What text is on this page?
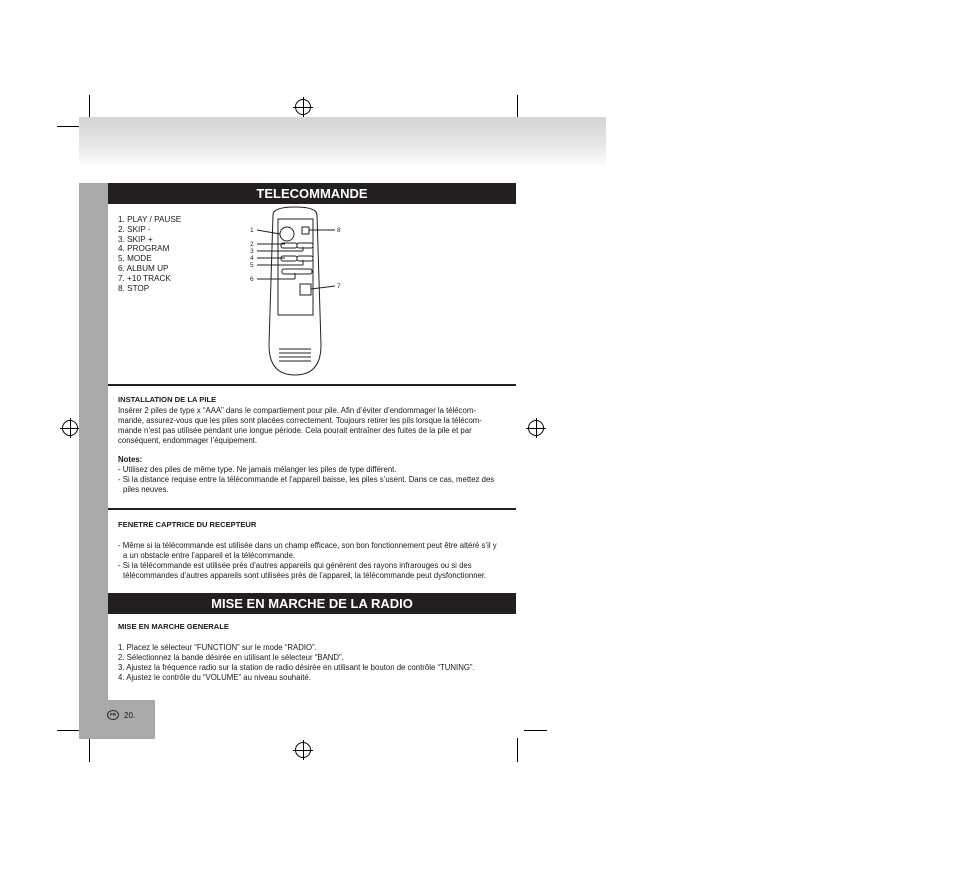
TELECOMMANDE
1. PLAY / PAUSE
2. SKIP -
3. SKIP +
4. PROGRAM
5. MODE
6. ALBUM UP
7. +10 TRACK
8. STOP
1
2
3
4
5
6
7
8
INSTALLATION DE LA PILE
Insérer 2 piles de type x “AAA” dans le compartiement pour pile. Afin d’éviter d’endommager la télécom-
mande, assurez-vous que les piles sont placées correctement. Toujours retirer les pils lorsque la télécom-
mande n’est pas utilisée pendant une longue période. Cela pourait entraîner des fuites de la pile et par
conséquent, endommager l’équipement.
Notes:
- Utilisez des piles de même type. Ne jamais mélanger les piles de type différent.
- Si la distance requise entre la télécommande et l’appareil baisse, les piles s’usent. Dans ce cas, mettez des
piles neuves.
FENETRE CAPTRICE DU RECEPTEUR
- Même si la télécommande est utilisée dans un champ efficace, son bon fonctionnement peut être altéré s’il y
a un obstacle entre l’appareil et la télécommande.
- Si la télécommande est utilisée près d’autres appareils qui génèrent des rayons infrarouges ou si des
télécommandes d’autres appareils sont utilisées près de l’appareil, la télécommande peut dysfonctionner.
MISE EN MARCHE DE LA RADIO
MISE EN MARCHE GENERALE
1. Placez le sélecteur “FUNCTION” sur le mode “RADIO”.
2. Sélectionnez la bande désirée en utilisant le sélecteur “BAND”.
3. Ajustez la fréquence radio sur la station de radio désirée en utilisant le bouton de contrôle “TUNING”.
4. Ajustez le contrôle du “VOLUME” au niveau souhaité.
FR	20.
